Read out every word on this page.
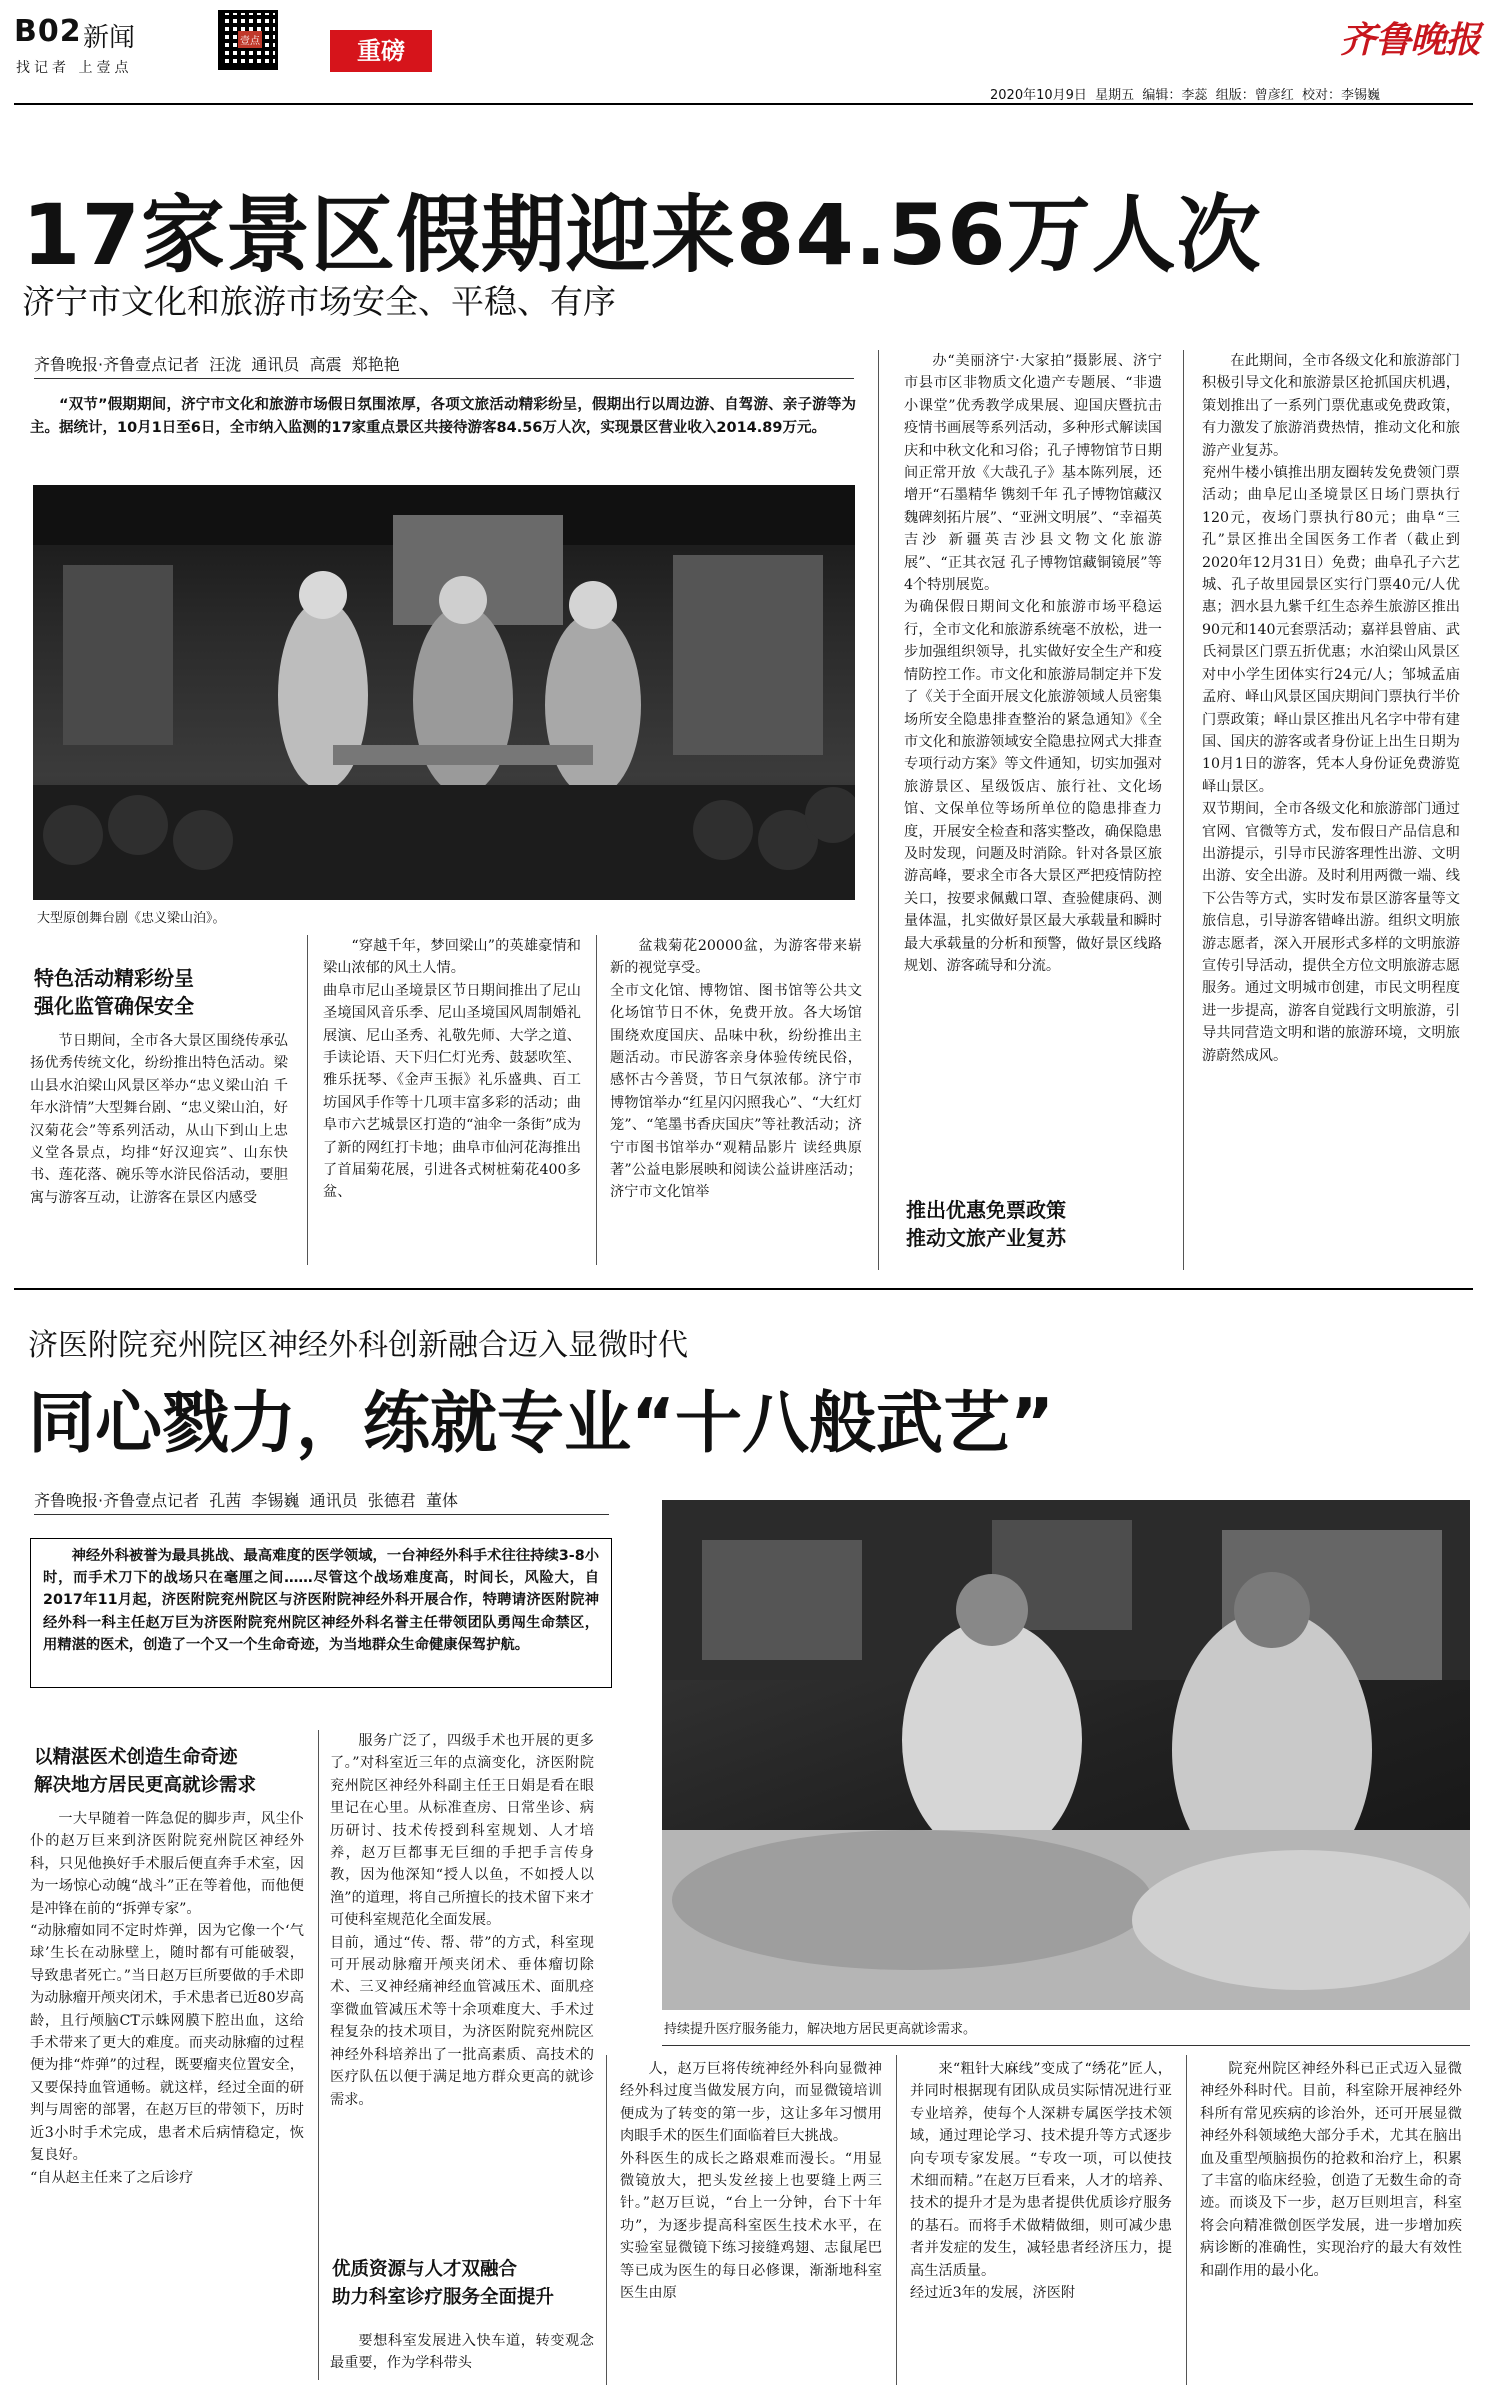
B02 新闻
找记者 上壹点
壹点	重磅	齐鲁晚报
2020年10月9日  星期五  编辑：李蕊  组版：曾彦红  校对：李锡巍
17家景区假期迎来84.56万人次
济宁市文化和旅游市场安全、平稳、有序
齐鲁晚报·齐鲁壹点记者  汪泷  通讯员  高震  郑艳艳
“双节”假期期间，济宁市文化和旅游市场假日氛围浓厚，各项文旅活动精彩纷呈，假期出行以周边游、自驾游、亲子游等为主。据统计，10月1日至6日，全市纳入监测的17家重点景区共接待游客84.56万人次，实现景区营业收入2014.89万元。
大型原创舞台剧《忠义梁山泊》。
特色活动精彩纷呈
强化监管确保安全
节日期间，全市各大景区围绕传承弘扬优秀传统文化，纷纷推出特色活动。梁山县水泊梁山风景区举办“忠义梁山泊 千年水浒情”大型舞台剧、“忠义梁山泊，好汉菊花会”等系列活动，从山下到山上忠义堂各景点，均排“好汉迎宾”、山东快书、莲花落、碗乐等水浒民俗活动，要胆寓与游客互动，让游客在景区内感受
“穿越千年，梦回梁山”的英雄豪情和梁山浓郁的风土人情。
曲阜市尼山圣境景区节日期间推出了尼山圣境国风音乐季、尼山圣境国风周制婚礼展演、尼山圣秀、礼敬先师、大学之道、手读论语、天下归仁灯光秀、鼓瑟吹笙、雅乐抚琴、《金声玉振》礼乐盛典、百工坊国风手作等十几项丰富多彩的活动；曲阜市六艺城景区打造的“油伞一条街”成为了新的网红打卡地；曲阜市仙河花海推出了首届菊花展，引进各式树桩菊花400多盆、
盆栽菊花20000盆，为游客带来崭新的视觉享受。
全市文化馆、博物馆、图书馆等公共文化场馆节日不休，免费开放。各大场馆围绕欢度国庆、品味中秋，纷纷推出主题活动。市民游客亲身体验传统民俗，感怀古今善贤，节日气氛浓郁。济宁市博物馆举办“红星闪闪照我心”、“大红灯笼”、“笔墨书香庆国庆”等社教活动；济宁市图书馆举办“观精品影片 读经典原著”公益电影展映和阅读公益讲座活动；济宁市文化馆举
办“美丽济宁·大家拍”摄影展、济宁市县市区非物质文化遗产专题展、“非遗小课堂”优秀教学成果展、迎国庆暨抗击疫情书画展等系列活动，多种形式解读国庆和中秋文化和习俗；孔子博物馆节日期间正常开放《大哉孔子》基本陈列展，还增开“石墨精华 镌刻千年 孔子博物馆藏汉魏碑刻拓片展”、“亚洲文明展”、“幸福英吉沙 新疆英吉沙县文物文化旅游展”、“正其衣冠 孔子博物馆藏铜镜展”等4个特別展览。
为确保假日期间文化和旅游市场平稳运行，全市文化和旅游系统毫不放松，进一步加强组织领导，扎实做好安全生产和疫情防控工作。市文化和旅游局制定并下发了《关于全面开展文化旅游领域人员密集场所安全隐患排查整治的紧急通知》《全市文化和旅游领域安全隐患拉网式大排查专项行动方案》等文件通知，切实加强对旅游景区、星级饭店、旅行社、文化场馆、文保单位等场所单位的隐患排查力度，开展安全检查和落实整改，确保隐患及时发现，问题及时消除。针对各景区旅游高峰，要求全市各大景区严把疫情防控关口，按要求佩戴口罩、查验健康码、测量体温，扎实做好景区最大承载量和瞬时最大承载量的分析和预警，做好景区线路规划、游客疏导和分流。
推出优惠免票政策
推动文旅产业复苏
在此期间，全市各级文化和旅游部门积极引导文化和旅游景区抢抓国庆机遇，策划推出了一系列门票优惠或免费政策，有力激发了旅游消费热情，推动文化和旅游产业复苏。
兖州牛楼小镇推出朋友圈转发免费领门票活动；曲阜尼山圣境景区日场门票执行120元，夜场门票执行80元；曲阜“三孔”景区推出全国医务工作者（截止到2020年12月31日）免费；曲阜孔子六艺城、孔子故里园景区实行门票40元/人优惠；泗水县九紫千红生态养生旅游区推出90元和140元套票活动；嘉祥县曾庙、武氏祠景区门票五折优惠；水泊梁山风景区对中小学生团体实行24元/人；邹城孟庙孟府、峄山风景区国庆期间门票执行半价门票政策；峄山景区推出凡名字中带有建国、国庆的游客或者身份证上出生日期为10月1日的游客，凭本人身份证免费游览峄山景区。
双节期间，全市各级文化和旅游部门通过官网、官微等方式，发布假日产品信息和出游提示，引导市民游客理性出游、文明出游、安全出游。及时利用两微一端、线下公告等方式，实时发布景区游客量等文旅信息，引导游客错峰出游。组织文明旅游志愿者，深入开展形式多样的文明旅游宣传引导活动，提供全方位文明旅游志愿服务。通过文明城市创建，市民文明程度进一步提高，游客自觉践行文明旅游，引导共同营造文明和谐的旅游环境，文明旅游蔚然成风。
济医附院兖州院区神经外科创新融合迈入显微时代
同心戮力，练就专业“十八般武艺”
齐鲁晚报·齐鲁壹点记者  孔茜  李锡巍  通讯员  张德君  董体
神经外科被誉为最具挑战、最高难度的医学领域，一台神经外科手术往往持续3-8小时，而手术刀下的战场只在毫厘之间……尽管这个战场难度高，时间长，风险大，自2017年11月起，济医附院兖州院区与济医附院神经外科开展合作，特聘请济医附院神经外科一科主任赵万巨为济医附院兖州院区神经外科名誉主任带领团队勇闯生命禁区，用精湛的医术，创造了一个又一个生命奇迹，为当地群众生命健康保驾护航。
以精湛医术创造生命奇迹
解决地方居民更高就诊需求
一大早随着一阵急促的脚步声，风尘仆仆的赵万巨来到济医附院兖州院区神经外科，只见他换好手术服后便直奔手术室，因为一场惊心动魄“战斗”正在等着他，而他便是冲锋在前的“拆弹专家”。
“动脉瘤如同不定时炸弹，因为它像一个‘气球’生长在动脉壁上，随时都有可能破裂，导致患者死亡。”当日赵万巨所要做的手术即为动脉瘤开颅夹闭术，手术患者已近80岁高龄，且行颅脑CT示蛛网膜下腔出血，这给手术带来了更大的难度。而夹动脉瘤的过程便为排“炸弹”的过程，既要瘤夹位置安全，又要保持血管通畅。就这样，经过全面的研判与周密的部署，在赵万巨的带领下，历时近3小时手术完成，患者术后病情稳定，恢复良好。
“自从赵主任来了之后诊疗
服务广泛了，四级手术也开展的更多了。”对科室近三年的点滴变化，济医附院兖州院区神经外科副主任王日娟是看在眼里记在心里。从标准查房、日常坐诊、病历研讨、技术传授到科室规划、人才培养，赵万巨都事无巨细的手把手言传身教，因为他深知“授人以鱼，不如授人以渔”的道理，将自己所擅长的技术留下来才可使科室规范化全面发展。
目前，通过“传、帮、带”的方式，科室现可开展动脉瘤开颅夹闭术、垂体瘤切除术、三叉神经痛神经血管减压术、面肌痉挛微血管减压术等十余项难度大、手术过程复杂的技术项目，为济医附院兖州院区神经外科培养出了一批高素质、高技术的医疗队伍以便于满足地方群众更高的就诊需求。
优质资源与人才双融合
助力科室诊疗服务全面提升
要想科室发展进入快车道，转变观念最重要，作为学科带头
持续提升医疗服务能力，解决地方居民更高就诊需求。
人，赵万巨将传统神经外科向显微神经外科过度当做发展方向，而显微镜培训便成为了转变的第一步，这让多年习惯用肉眼手术的医生们面临着巨大挑战。
外科医生的成长之路艰难而漫长。“用显微镜放大，把头发丝接上也要缝上两三针。”赵万巨说，“台上一分钟，台下十年功”，为逐步提高科室医生技术水平，在实验室显微镜下练习接缝鸡翅、志鼠尾巴等已成为医生的每日必修课，渐渐地科室医生由原
来“粗针大麻线”变成了“绣花”匠人，并同时根据现有团队成员实际情况进行亚专业培养，使每个人深耕专属医学技术领域，通过理论学习、技术提升等方式逐步向专项专家发展。“专攻一项，可以使技术细而精。”在赵万巨看来，人才的培养、技术的提升才是为患者提供优质诊疗服务的基石。而将手术做精做细，则可减少患者并发症的发生，减轻患者经济压力，提高生活质量。
经过近3年的发展，济医附
院兖州院区神经外科已正式迈入显微神经外科时代。目前，科室除开展神经外科所有常见疾病的诊治外，还可开展显微神经外科领域绝大部分手术，尤其在脑出血及重型颅脑损伤的抢救和治疗上，积累了丰富的临床经验，创造了无数生命的奇迹。而谈及下一步，赵万巨则坦言，科室将会向精准微创医学发展，进一步增加疾病诊断的准确性，实现治疗的最大有效性和副作用的最小化。
